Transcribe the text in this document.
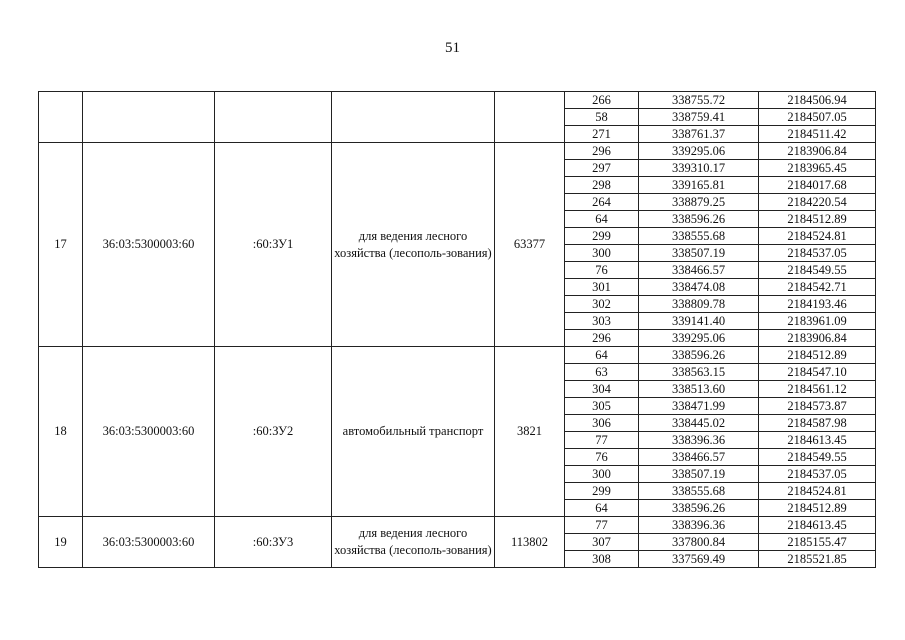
51
					266	338755.72	2184506.94
					58	338759.41	2184507.05
					271	338761.37	2184511.42
17	36:03:5300003:60	:60:ЗУ1	для ведения лесного хозяйства (лесополь-зования)	63377	296	339295.06	2183906.84
					297	339310.17	2183965.45
					298	339165.81	2184017.68
					264	338879.25	2184220.54
					64	338596.26	2184512.89
					299	338555.68	2184524.81
					300	338507.19	2184537.05
					76	338466.57	2184549.55
					301	338474.08	2184542.71
					302	338809.78	2184193.46
					303	339141.40	2183961.09
					296	339295.06	2183906.84
18	36:03:5300003:60	:60:ЗУ2	автомобильный транспорт	3821	64	338596.26	2184512.89
					63	338563.15	2184547.10
					304	338513.60	2184561.12
					305	338471.99	2184573.87
					306	338445.02	2184587.98
					77	338396.36	2184613.45
					76	338466.57	2184549.55
					300	338507.19	2184537.05
					299	338555.68	2184524.81
					64	338596.26	2184512.89
19	36:03:5300003:60	:60:ЗУ3	для ведения лесного хозяйства (лесополь-зования)	113802	77	338396.36	2184613.45
					307	337800.84	2185155.47
					308	337569.49	2185521.85
